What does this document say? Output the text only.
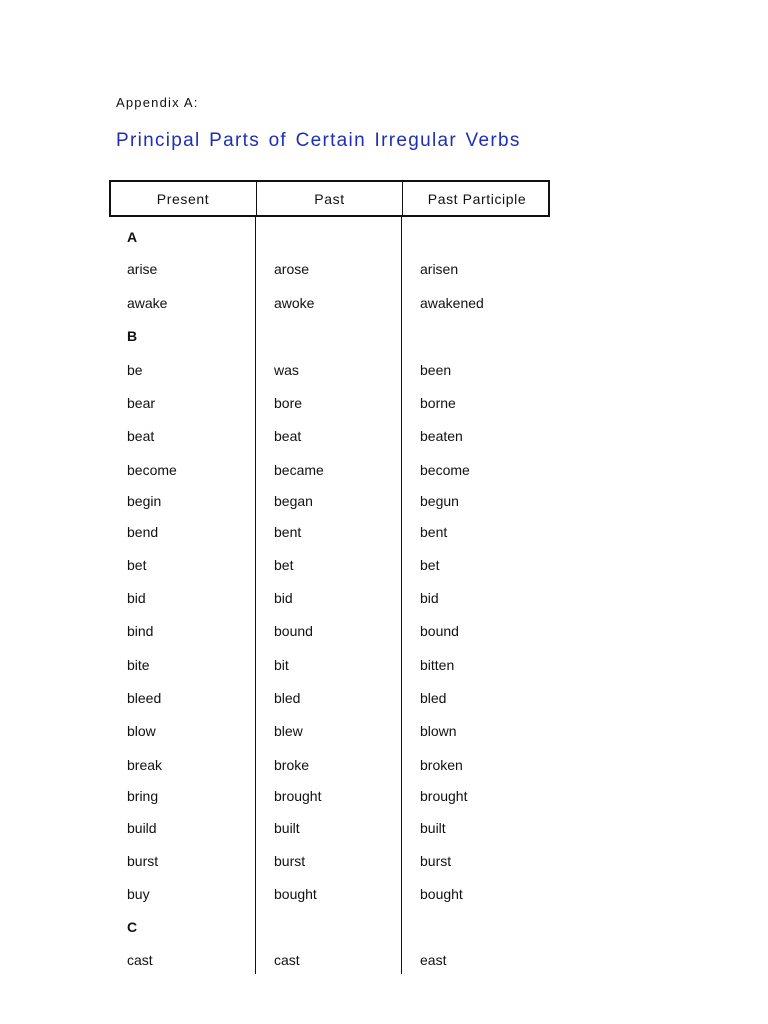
Appendix A:
Principal Parts of Certain Irregular Verbs
Present	Past	Past Participle
A
arise	arose	arisen
awake	awoke	awakened
B
be	was	been
bear	bore	borne
beat	beat	beaten
become	became	become
begin	began	begun
bend	bent	bent
bet	bet	bet
bid	bid	bid
bind	bound	bound
bite	bit	bitten
bleed	bled	bled
blow	blew	blown
break	broke	broken
bring	brought	brought
build	built	built
burst	burst	burst
buy	bought	bought
C
cast	cast	east
